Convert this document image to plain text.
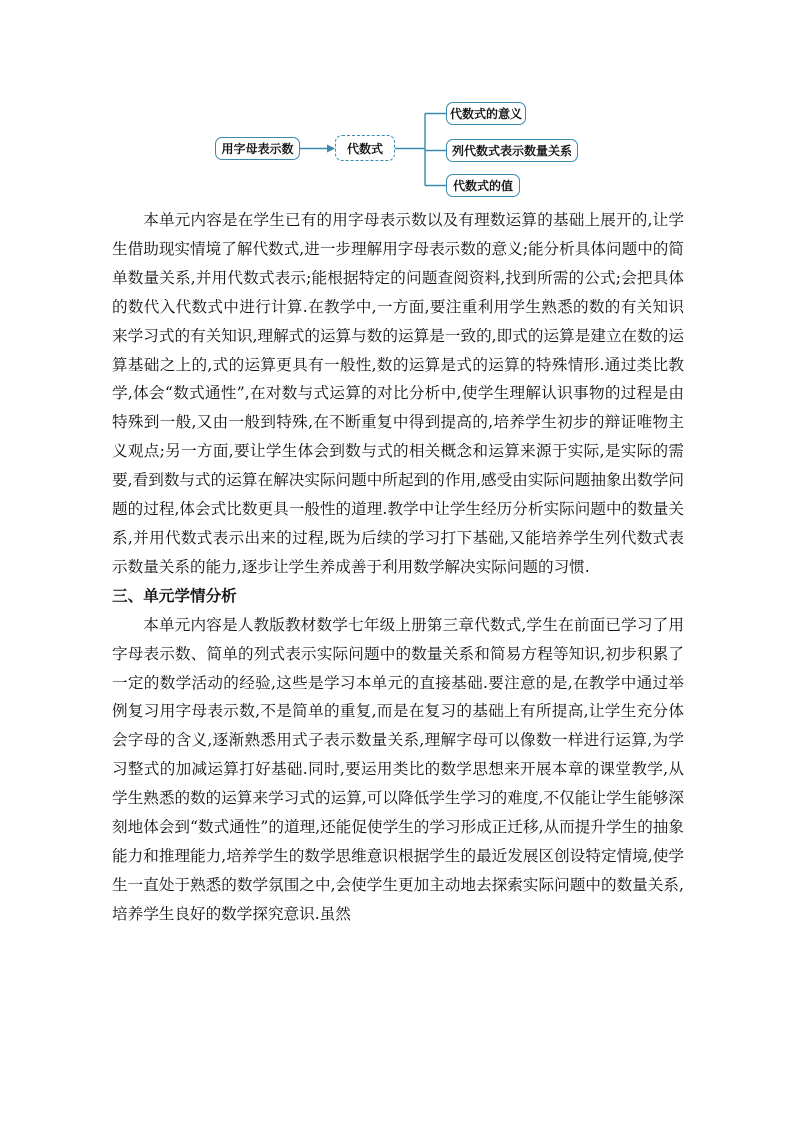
用字母表示数	代数式
代数式的意义
列代数式表示数量关系
代数式的值

本单元内容是在学生已有的用字母表示数以及有理数运算的基础上展开的,让学生借助现实情境了解代数式,进一步理解用字母表示数的意义;能分析具体问题中的简单数量关系,并用代数式表示;能根据特定的问题查阅资料,找到所需的公式;会把具体的数代入代数式中进行计算.在教学中,一方面,要注重利用学生熟悉的数的有关知识来学习式的有关知识,理解式的运算与数的运算是一致的,即式的运算是建立在数的运算基础之上的,式的运算更具有一般性,数的运算是式的运算的特殊情形.通过类比教学,体会“数式通性”,在对数与式运算的对比分析中,使学生理解认识事物的过程是由特殊到一般,又由一般到特殊,在不断重复中得到提高的,培养学生初步的辩证唯物主义观点;另一方面,要让学生体会到数与式的相关概念和运算来源于实际,是实际的需要,看到数与式的运算在解决实际问题中所起到的作用,感受由实际问题抽象出数学问题的过程,体会式比数更具一般性的道理.教学中让学生经历分析实际问题中的数量关系,并用代数式表示出来的过程,既为后续的学习打下基础,又能培养学生列代数式表示数量关系的能力,逐步让学生养成善于利用数学解决实际问题的习惯.

三、单元学情分析

本单元内容是人教版教材数学七年级上册第三章代数式,学生在前面已学习了用字母表示数、简单的列式表示实际问题中的数量关系和简易方程等知识,初步积累了一定的数学活动的经验,这些是学习本单元的直接基础.要注意的是,在教学中通过举例复习用字母表示数,不是简单的重复,而是在复习的基础上有所提高,让学生充分体会字母的含义,逐渐熟悉用式子表示数量关系,理解字母可以像数一样进行运算,为学习整式的加减运算打好基础.同时,要运用类比的数学思想来开展本章的课堂教学,从学生熟悉的数的运算来学习式的运算,可以降低学生学习的难度,不仅能让学生能够深刻地体会到“数式通性”的道理,还能促使学生的学习形成正迁移,从而提升学生的抽象能力和推理能力,培养学生的数学思维意识根据学生的最近发展区创设特定情境,使学生一直处于熟悉的数学氛围之中,会使学生更加主动地去探索实际问题中的数量关系,培养学生良好的数学探究意识.虽然
